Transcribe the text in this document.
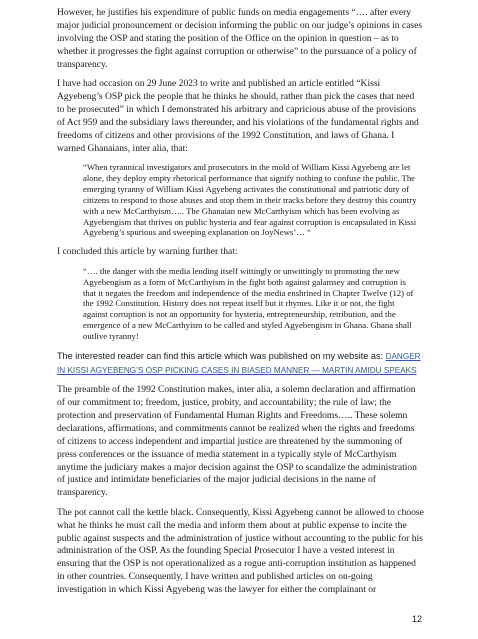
However, he justifies his expenditure of public funds on media engagements “…. after every major judicial pronouncement or decision informing the public on our judge’s opinions in cases involving the OSP and stating the position of the Office on the opinion in question – as to whether it progresses the fight against corruption or otherwise” to the pursuance of a policy of transparency.

I have had occasion on 29 June 2023 to write and published an article entitled “Kissi Agyebeng’s OSP pick the people that he thinks he should, rather than pick the cases that need to be prosecuted” in which I demonstrated his arbitrary and capricious abuse of the provisions of Act 959 and the subsidiary laws thereunder, and his violations of the fundamental rights and freedoms of citizens and other provisions of the 1992 Constitution, and laws of Ghana. I warned Ghanaians, inter alia, that:

“When tyrannical investigators and prosecutors in the mold of William Kissi Agyebeng are let alone, they deploy empty rhetorical performance that signify nothing to confuse the public. The emerging tyranny of William Kissi Agyebeng activates the constitutional and patriotic duty of citizens to respond to those abuses and stop them in their tracks before they destroy this country with a new McCarthyism….. The Ghanaian new McCarthyism which has been evolving as Agyebengism that thrives on public hysteria and fear against corruption is encapsulated in Kissi Agyebeng’s spurious and sweeping explanation on JoyNews’… “

I concluded this article by warning further that:

“…. the danger with the media lending itself wittingly or unwittingly to promoting the new Agyebengism as a form of McCarthyism in the fight both against galamsey and corruption is that it negates the freedom and independence of the media enshrined in Chapter Twelve (12) of the 1992 Constitution. History does not repeat itself but it rhymes. Like it or not, the fight against corruption is not an opportunity for hysteria, entrepreneurship, retribution, and the emergence of a new McCarthyism to be called and styled Agyebengism in Ghana. Ghana shall outlive tyranny!

The interested reader can find this article which was published on my website as: DANGER IN KISSI AGYEBENG’S OSP PICKING CASES IN BIASED MANNER — MARTIN AMIDU SPEAKS

The preamble of the 1992 Constitution makes, inter alia, a solemn declaration and affirmation of our commitment to; freedom, justice, probity, and accountability; the rule of law; the protection and preservation of Fundamental Human Rights and Freedoms….. These solemn declarations, affirmations, and commitments cannot be realized when the rights and freedoms of citizens to access independent and impartial justice are threatened by the summoning of press conferences or the issuance of media statement in a typically style of McCarthyism anytime the judiciary makes a major decision against the OSP to scandalize the administration of justice and intimidate beneficiaries of the major judicial decisions in the name of transparency.

The pot cannot call the kettle black. Consequently, Kissi Agyebeng cannot be allowed to choose what he thinks he must call the media and inform them about at public expense to incite the public against suspects and the administration of justice without accounting to the public for his administration of the OSP. As the founding Special Prosecutor I have a vested interest in ensuring that the OSP is not operationalized as a rogue anti-corruption institution as happened in other countries. Consequently, I have written and published articles on on-going investigation in which Kissi Agyebeng was the lawyer for either the complainant or

12
